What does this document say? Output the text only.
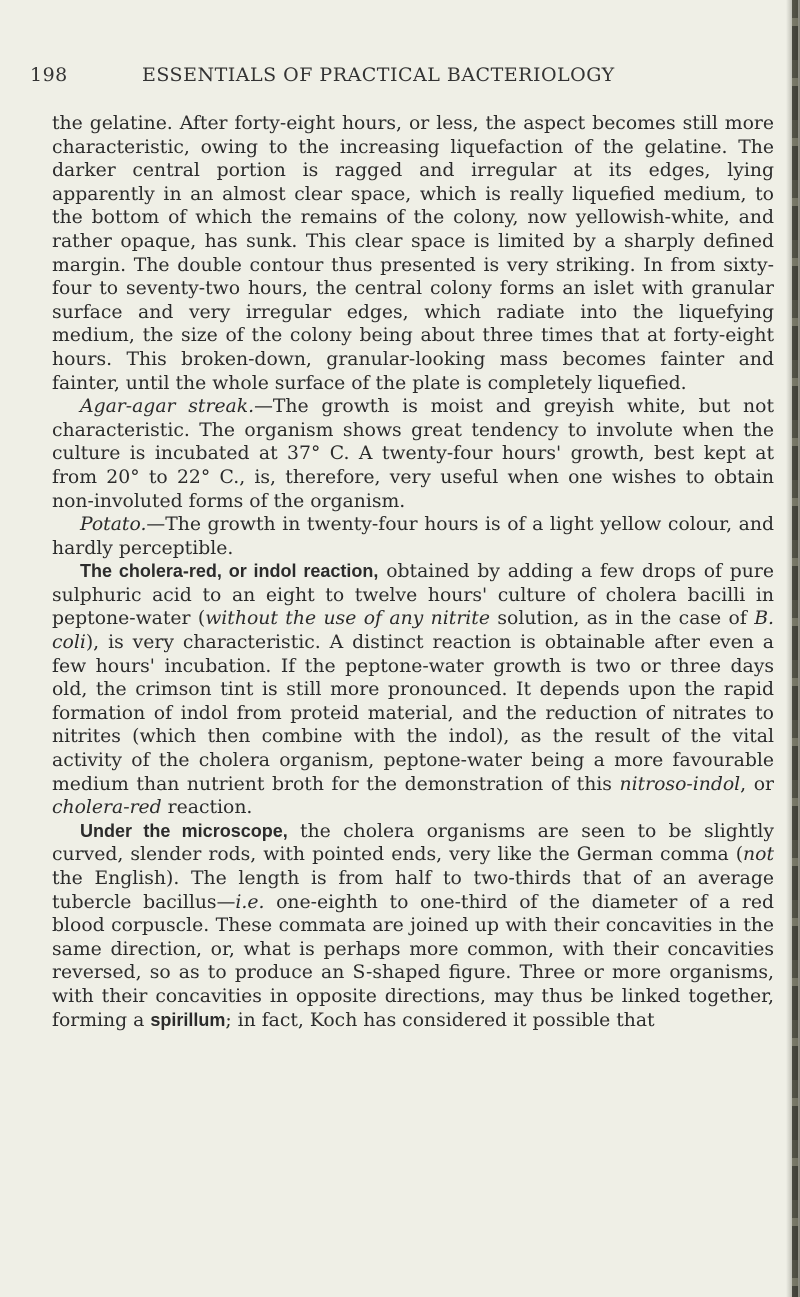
198	ESSENTIALS OF PRACTICAL BACTERIOLOGY

the gelatine. After forty-eight hours, or less, the aspect becomes still more characteristic, owing to the increasing liquefaction of the gelatine. The darker central portion is ragged and irregular at its edges, lying apparently in an almost clear space, which is really liquefied medium, to the bottom of which the remains of the colony, now yellowish-white, and rather opaque, has sunk. This clear space is limited by a sharply defined margin. The double contour thus presented is very striking. In from sixty-four to seventy-two hours, the central colony forms an islet with granular surface and very irregular edges, which radiate into the liquefying medium, the size of the colony being about three times that at forty-eight hours. This broken-down, granular-looking mass becomes fainter and fainter, until the whole surface of the plate is completely liquefied.

Agar-agar streak.—The growth is moist and greyish white, but not characteristic. The organism shows great tendency to involute when the culture is incubated at 37° C. A twenty-four hours' growth, best kept at from 20° to 22° C., is, therefore, very useful when one wishes to obtain non-involuted forms of the organism.

Potato.—The growth in twenty-four hours is of a light yellow colour, and hardly perceptible.

The cholera-red, or indol reaction, obtained by adding a few drops of pure sulphuric acid to an eight to twelve hours' culture of cholera bacilli in peptone-water (without the use of any nitrite solution, as in the case of B. coli), is very characteristic. A distinct reaction is obtainable after even a few hours' incubation. If the peptone-water growth is two or three days old, the crimson tint is still more pronounced. It depends upon the rapid formation of indol from proteid material, and the reduction of nitrates to nitrites (which then combine with the indol), as the result of the vital activity of the cholera organism, peptone-water being a more favourable medium than nutrient broth for the demonstration of this nitroso-indol, or cholera-red reaction.

Under the microscope, the cholera organisms are seen to be slightly curved, slender rods, with pointed ends, very like the German comma (not the English). The length is from half to two-thirds that of an average tubercle bacillus—i.e. one-eighth to one-third of the diameter of a red blood corpuscle. These commata are joined up with their concavities in the same direction, or, what is perhaps more common, with their concavities reversed, so as to produce an S-shaped figure. Three or more organisms, with their concavities in opposite directions, may thus be linked together, forming a spirillum; in fact, Koch has considered it possible that
